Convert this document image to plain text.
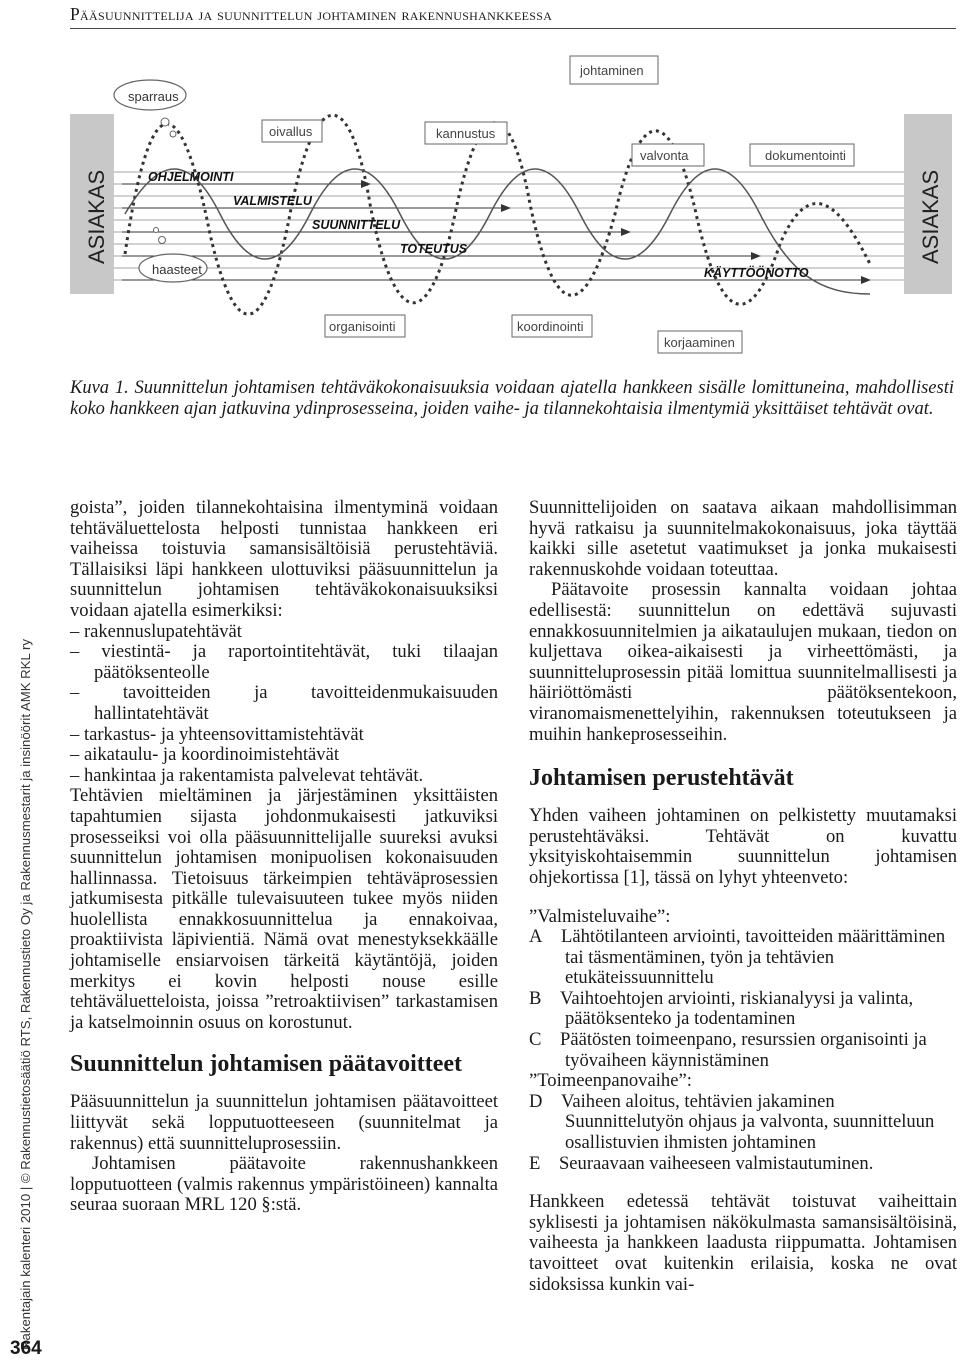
Pääsuunnittelija ja suunnittelun johtaminen rakennushankkeessa
ASIAKAS	ASIAKAS
sparraus
haasteet
oivallus	kannustus
johtaminen
valvonta	dokumentointi
organisointi	koordinointi
korjaaminen
OHJELMOINTI
VALMISTELU
SUUNNITTELU
TOTEUTUS
KÄYTTÖÖNOTTO
Kuva 1. Suunnittelun johtamisen tehtäväkokonaisuuksia voidaan ajatella hankkeen sisälle lomittuneina, mahdollisesti koko hankkeen ajan jatkuvina ydinprosesseina, joiden vaihe- ja tilannekohtaisia ilmentymiä yksittäiset tehtävät ovat.
Rakentajain kalenteri 2010 | © Rakennustietosäätiö RTS, Rakennustieto Oy ja Rakennusmestarit ja insinöörit AMK RKL ry
364

goista”, joiden tilannekohtaisina ilmentyminä voidaan tehtäväluettelosta helposti tunnistaa hankkeen eri vaiheissa toistuvia samansisältöisiä perustehtäviä. Tällaisiksi läpi hankkeen ulottuviksi pääsuunnittelun ja suunnittelun johtamisen tehtäväkokonaisuuksiksi voidaan ajatella esimerkiksi:

– rakennuslupatehtävät

– viestintä- ja raportointitehtävät, tuki tilaajan päätöksenteolle

– tavoitteiden ja tavoitteidenmukaisuuden hallintatehtävät

– tarkastus- ja yhteensovittamistehtävät

– aikataulu- ja koordinoimistehtävät

– hankintaa ja rakentamista palvelevat tehtävät.

Tehtävien mieltäminen ja järjestäminen yksittäisten tapahtumien sijasta johdonmukaisesti jatkuviksi prosesseiksi voi olla pääsuunnittelijalle suureksi avuksi suunnittelun johtamisen monipuolisen kokonaisuuden hallinnassa. Tietoisuus tärkeimpien tehtäväprosessien jatkumisesta pitkälle tulevaisuuteen tukee myös niiden huolellista ennakkosuunnittelua ja ennakoivaa, proaktiivista läpivientiä. Nämä ovat menestyksekkäälle johtamiselle ensiarvoisen tärkeitä käytäntöjä, joiden merkitys ei kovin helposti nouse esille tehtäväluetteloista, joissa ”retroaktiivisen” tarkastamisen ja katselmoinnin osuus on korostunut.

Suunnittelun johtamisen päätavoitteet

Pääsuunnittelun ja suunnittelun johtamisen päätavoitteet liittyvät sekä lopputuotteeseen (suunnitelmat ja rakennus) että suunnitteluprosessiin.

Johtamisen päätavoite rakennushankkeen lopputuotteen (valmis rakennus ympäristöineen) kannalta seuraa suoraan MRL 120 §:stä.

Suunnittelijoiden on saatava aikaan mahdollisimman hyvä ratkaisu ja suunnitelmakokonaisuus, joka täyttää kaikki sille asetetut vaatimukset ja jonka mukaisesti rakennuskohde voidaan toteuttaa.

Päätavoite prosessin kannalta voidaan johtaa edellisestä: suunnittelun on edettävä sujuvasti ennakkosuunnitelmien ja aikataulujen mukaan, tiedon on kuljettava oikea-aikaisesti ja virheettömästi, ja suunnitteluprosessin pitää lomittua suunnitelmallisesti ja häiriöttömästi päätöksentekoon, viranomaismenettelyihin, rakennuksen toteutukseen ja muihin hankeprosesseihin.

Johtamisen perustehtävät

Yhden vaiheen johtaminen on pelkistetty muutamaksi perustehtäväksi. Tehtävät on kuvattu yksityiskohtaisemmin suunnittelun johtamisen ohjekortissa [1], tässä on lyhyt yhteenveto:

”Valmisteluvaihe”:

A Lähtötilanteen arviointi, tavoitteiden määrittäminen tai täsmentäminen, työn ja tehtävien etukäteissuunnittelu

B Vaihtoehtojen arviointi, riskianalyysi ja valinta, päätöksenteko ja todentaminen

C Päätösten toimeenpano, resurssien organisointi ja työvaiheen käynnistäminen

”Toimeenpanovaihe”:

D Vaiheen aloitus, tehtävien jakaminen Suunnittelutyön ohjaus ja valvonta, suunnitteluun osallistuvien ihmisten johtaminen

E Seuraavaan vaiheeseen valmistautuminen.

Hankkeen edetessä tehtävät toistuvat vaiheittain syklisesti ja johtamisen näkökulmasta samansisältöisinä, vaiheesta ja hankkeen laadusta riippumatta. Johtamisen tavoitteet ovat kuitenkin erilaisia, koska ne ovat sidoksissa kunkin vai-
